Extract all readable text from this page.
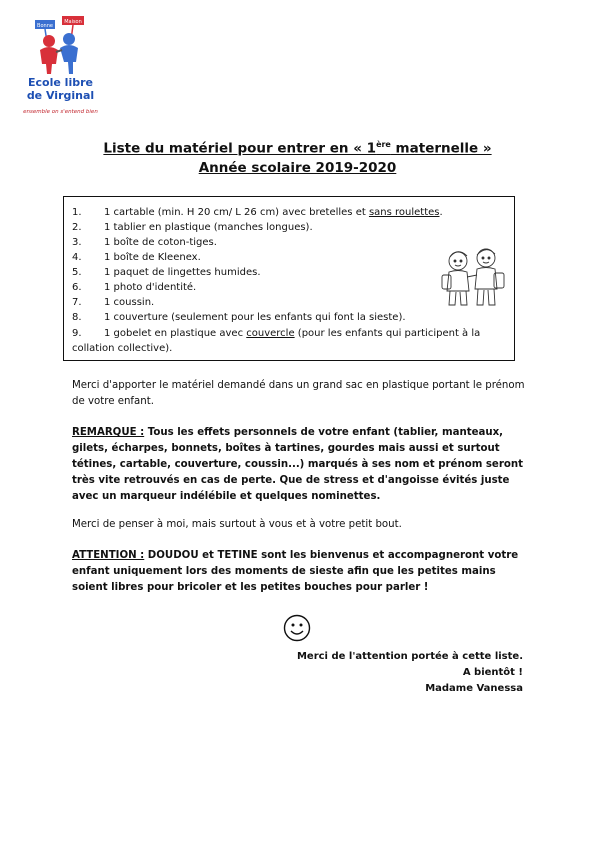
Bonne
Maison
Ecole libre
de Virginal
ensemble on s'entend bien
Liste du matériel pour entrer en « 1ère maternelle »
Année scolaire 2019-2020
1. 1 cartable (min. H 20 cm/ L 26 cm) avec bretelles et sans roulettes.
2. 1 tablier en plastique (manches longues).
3. 1 boîte de coton-tiges.
4. 1 boîte de Kleenex.
5. 1 paquet de lingettes humides.
6. 1 photo d'identité.
7. 1 coussin.
8. 1 couverture (seulement pour les enfants qui font la sieste).
9. 1 gobelet en plastique avec couvercle (pour les enfants qui participent à la
collation collective).
Merci d'apporter le matériel demandé dans un grand sac en plastique portant le prénom de votre enfant.
REMARQUE : Tous les effets personnels de votre enfant (tablier, manteaux, gilets, écharpes, bonnets, boîtes à tartines, gourdes mais aussi et surtout tétines, cartable, couverture, coussin...) marqués à ses nom et prénom seront très vite retrouvés en cas de perte. Que de stress et d'angoisse évités juste avec un marqueur indélébile et quelques nominettes.
Merci de penser à moi, mais surtout à vous et à votre petit bout.
ATTENTION : DOUDOU et TETINE sont les bienvenus et accompagneront votre enfant uniquement lors des moments de sieste afin que les petites mains soient libres pour bricoler et les petites bouches pour parler !
Merci de l'attention portée à cette liste.
A bientôt !
Madame Vanessa
